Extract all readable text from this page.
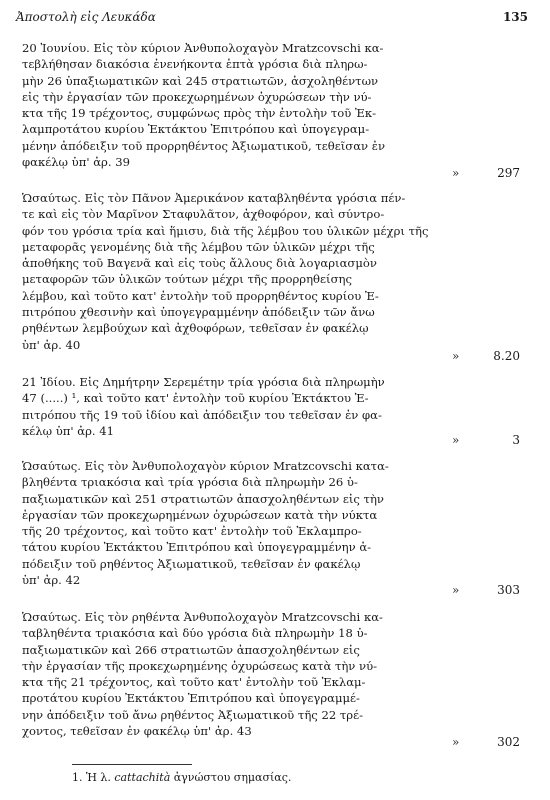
Ἀποστολὴ εἰς Λευκάδα	135

20 Ἰουνίου. Εἰς τὸν κύριον Ἀνθυπολοχαγὸν Mratzcovschi κα-

τεβλήθησαν διακόσια ἐνενήκοντα ἑπτὰ γρόσια διὰ πληρω-

μὴν 26 ὑπαξιωματικῶν καὶ 245 στρατιωτῶν, ἀσχοληθέντων

εἰς τὴν ἐργασίαν τῶν προκεχωρημένων ὀχυρώσεων τὴν νύ-

κτα τῆς 19 τρέχοντος, συμφώνως πρὸς τὴν ἐντολὴν τοῦ Ἐκ-

λαμπροτάτου κυρίου Ἐκτάκτου Ἐπιτρόπου καὶ ὑπογεγραμ-

μένην ἀπόδειξιν τοῦ προρρηθέντος Ἀξιωματικοῦ, τεθεῖσαν ἐν

φακέλῳ ὑπ' ἀρ. 39

»	297

Ὡσαύτως. Εἰς τὸν Πᾶνον Ἀμερικάνον καταβληθέντα γρόσια πέν-

τε καὶ εἰς τὸν Μαρῖνον Σταφυλᾶτον, ἀχθοφόρον, καὶ σύντρο-

φόν του γρόσια τρία καὶ ἥμισυ, διὰ τῆς λέμβου του ὑλικῶν μέχρι τῆς

μεταφορᾶς γενομένης διὰ τῆς λέμβου τῶν ὑλικῶν μέχρι τῆς

ἀποθήκης τοῦ Βαγενᾶ καὶ εἰς τοὺς ἄλλους διὰ λογαριασμὸν

μεταφορῶν τῶν ὑλικῶν τούτων μέχρι τῆς προρρηθείσης

λέμβου, καὶ τοῦτο κατ' ἐντολὴν τοῦ προρρηθέντος κυρίου Ἐ-

πιτρόπου χθεσινὴν καὶ ὑπογεγραμμένην ἀπόδειξιν τῶν ἄνω

ρηθέντων λεμβούχων καὶ ἀχθοφόρων, τεθεῖσαν ἐν φακέλῳ

ὑπ' ἀρ. 40

»	8.20

21 Ἰδίου. Εἰς Δημήτρην Σερεμέτην τρία γρόσια διὰ πληρωμὴν

47 (.....) ¹, καὶ τοῦτο κατ' ἐντολὴν τοῦ κυρίου Ἐκτάκτου Ἐ-

πιτρόπου τῆς 19 τοῦ ἰδίου καὶ ἀπόδειξιν του τεθεῖσαν ἐν φα-

κέλῳ ὑπ' ἀρ. 41

»	3

Ὡσαύτως. Εἰς τὸν Ἀνθυπολοχαγὸν κύριον Mratzcovschi κατα-

βληθέντα τριακόσια καὶ τρία γρόσια διὰ πληρωμὴν 26 ὑ-

παξιωματικῶν καὶ 251 στρατιωτῶν ἀπασχοληθέντων εἰς τὴν

ἐργασίαν τῶν προκεχωρημένων ὀχυρώσεων κατὰ τὴν νύκτα

τῆς 20 τρέχοντος, καὶ τοῦτο κατ' ἐντολὴν τοῦ Ἐκλαμπρο-

τάτου κυρίου Ἐκτάκτου Ἐπιτρόπου καὶ ὑπογεγραμμένην ἀ-

πόδειξιν τοῦ ρηθέντος Ἀξιωματικοῦ, τεθεῖσαν ἐν φακέλῳ

ὑπ' ἀρ. 42

»	303

Ὡσαύτως. Εἰς τὸν ρηθέντα Ἀνθυπολοχαγὸν Mratzcovschi κα-

ταβληθέντα τριακόσια καὶ δύο γρόσια διὰ πληρωμὴν 18 ὑ-

παξιωματικῶν καὶ 266 στρατιωτῶν ἀπασχοληθέντων εἰς

τὴν ἐργασίαν τῆς προκεχωρημένης ὀχυρώσεως κατὰ τὴν νύ-

κτα τῆς 21 τρέχοντος, καὶ τοῦτο κατ' ἐντολὴν τοῦ Ἐκλαμ-

προτάτου κυρίου Ἐκτάκτου Ἐπιτρόπου καὶ ὑπογεγραμμέ-

νην ἀπόδειξιν τοῦ ἄνω ρηθέντος Ἀξιωματικοῦ τῆς 22 τρέ-

χοντος, τεθεῖσαν ἐν φακέλῳ ὑπ' ἀρ. 43

»	302
1. Ἡ λ. cattachità ἀγνώστου σημασίας.
